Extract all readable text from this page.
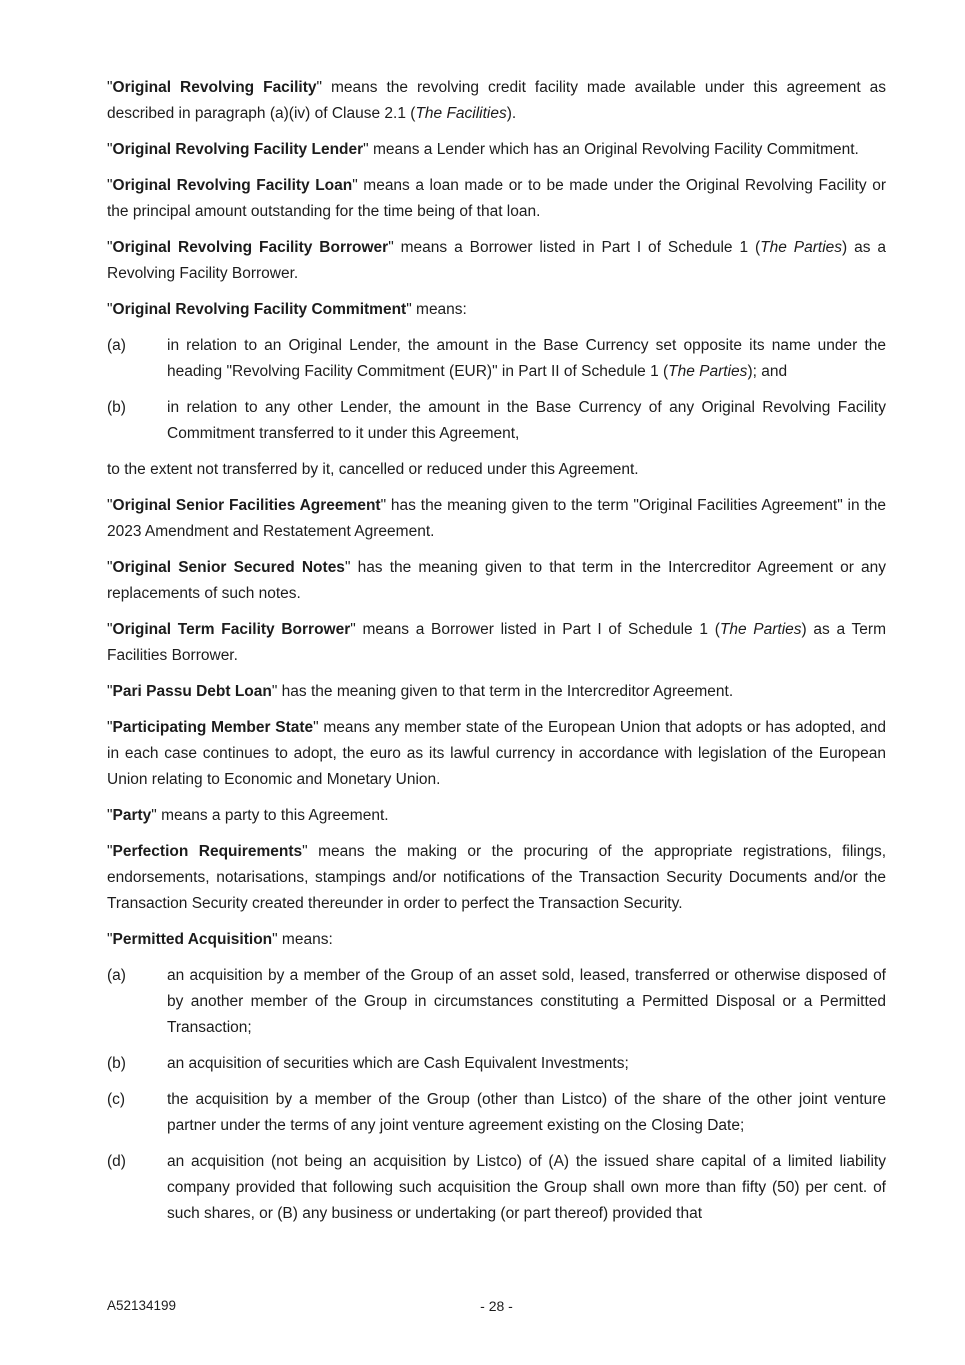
"Original Revolving Facility" means the revolving credit facility made available under this agreement as described in paragraph (a)(iv) of Clause 2.1 (The Facilities).

"Original Revolving Facility Lender" means a Lender which has an Original Revolving Facility Commitment.

"Original Revolving Facility Loan" means a loan made or to be made under the Original Revolving Facility or the principal amount outstanding for the time being of that loan.

"Original Revolving Facility Borrower" means a Borrower listed in Part I of Schedule 1 (The Parties) as a Revolving Facility Borrower.

"Original Revolving Facility Commitment" means:

(a)	in relation to an Original Lender, the amount in the Base Currency set opposite its name under the heading "Revolving Facility Commitment (EUR)" in Part II of Schedule 1 (The Parties); and
(b)	in relation to any other Lender, the amount in the Base Currency of any Original Revolving Facility Commitment transferred to it under this Agreement,

to the extent not transferred by it, cancelled or reduced under this Agreement.

"Original Senior Facilities Agreement" has the meaning given to the term "Original Facilities Agreement" in the 2023 Amendment and Restatement Agreement.

"Original Senior Secured Notes" has the meaning given to that term in the Intercreditor Agreement or any replacements of such notes.

"Original Term Facility Borrower" means a Borrower listed in Part I of Schedule 1 (The Parties) as a Term Facilities Borrower.

"Pari Passu Debt Loan" has the meaning given to that term in the Intercreditor Agreement.

"Participating Member State" means any member state of the European Union that adopts or has adopted, and in each case continues to adopt, the euro as its lawful currency in accordance with legislation of the European Union relating to Economic and Monetary Union.

"Party" means a party to this Agreement.

"Perfection Requirements" means the making or the procuring of the appropriate registrations, filings, endorsements, notarisations, stampings and/or notifications of the Transaction Security Documents and/or the Transaction Security created thereunder in order to perfect the Transaction Security.

"Permitted Acquisition" means:

(a)	an acquisition by a member of the Group of an asset sold, leased, transferred or otherwise disposed of by another member of the Group in circumstances constituting a Permitted Disposal or a Permitted Transaction;
(b)	an acquisition of securities which are Cash Equivalent Investments;
(c)	the acquisition by a member of the Group (other than Listco) of the share of the other joint venture partner under the terms of any joint venture agreement existing on the Closing Date;
(d)	an acquisition (not being an acquisition by Listco) of (A) the issued share capital of a limited liability company provided that following such acquisition the Group shall own more than fifty (50) per cent. of such shares, or (B) any business or undertaking (or part thereof) provided that
A52134199	- 28 -
